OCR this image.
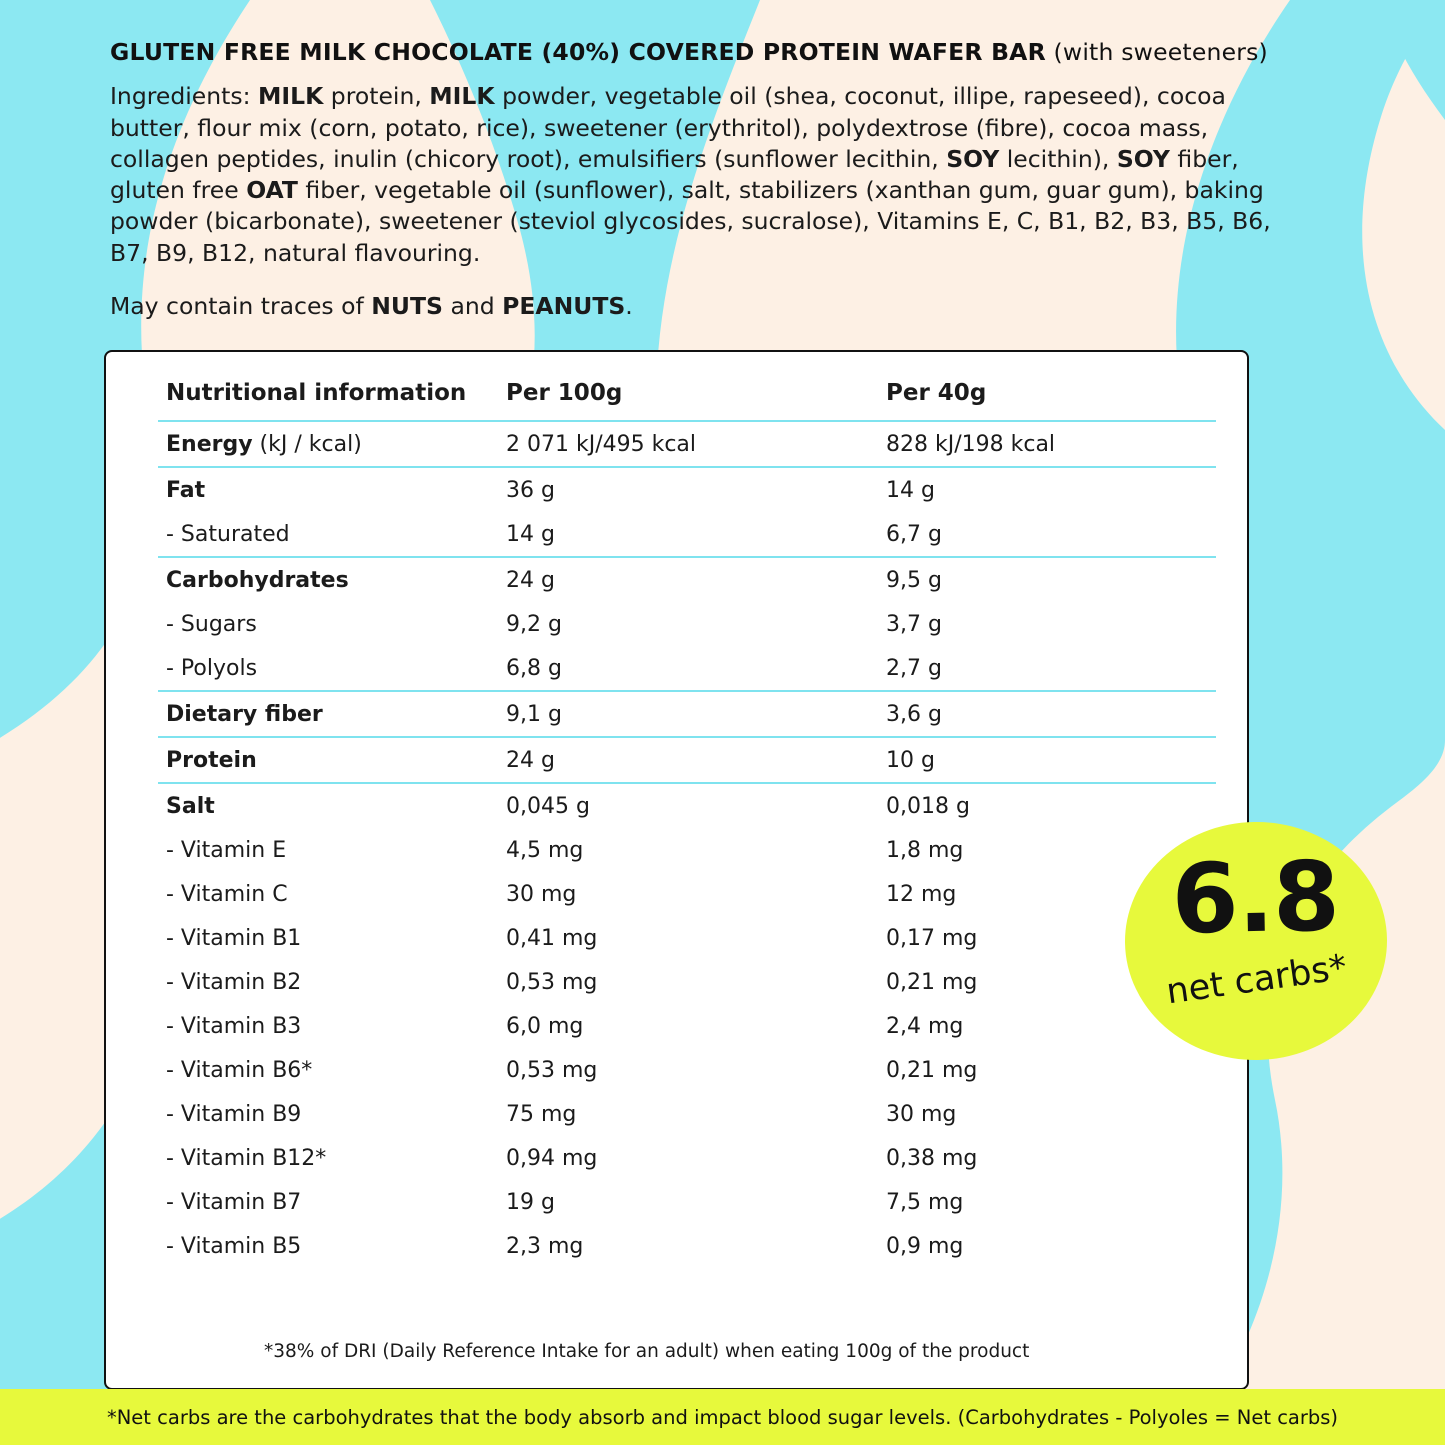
GLUTEN FREE MILK CHOCOLATE (40%) COVERED PROTEIN WAFER BAR (with sweeteners)

Ingredients: MILK protein, MILK powder, vegetable oil (shea, coconut, illipe, rapeseed), cocoa butter, flour mix (corn, potato, rice), sweetener (erythritol), polydextrose (fibre), cocoa mass, collagen peptides, inulin (chicory root), emulsifiers (sunflower lecithin, SOY lecithin), SOY fiber, gluten free OAT fiber, vegetable oil (sunflower), salt, stabilizers (xanthan gum, guar gum), baking powder (bicarbonate), sweetener (steviol glycosides, sucralose), Vitamins E, C, B1, B2, B3, B5, B6, B7, B9, B12, natural flavouring.

May contain traces of NUTS and PEANUTS.

Nutritional information	Per 100g	Per 40g
Energy (kJ / kcal)	2 071 kJ/495 kcal	828 kJ/198 kcal
Fat	36 g	14 g
- Saturated	14 g	6,7 g
Carbohydrates	24 g	9,5 g
- Sugars	9,2 g	3,7 g
- Polyols	6,8 g	2,7 g
Dietary fiber	9,1 g	3,6 g
Protein	24 g	10 g
Salt	0,045 g	0,018 g
- Vitamin E	4,5 mg	1,8 mg
- Vitamin C	30 mg	12 mg
- Vitamin B1	0,41 mg	0,17 mg
- Vitamin B2	0,53 mg	0,21 mg
- Vitamin B3	6,0 mg	2,4 mg
- Vitamin B6*	0,53 mg	0,21 mg
- Vitamin B9	75 mg	30 mg
- Vitamin B12*	0,94 mg	0,38 mg
- Vitamin B7	19 g	7,5 mg
- Vitamin B5	2,3 mg	0,9 mg
*38% of DRI (Daily Reference Intake for an adult) when eating 100g of the product
6.8
net carbs*
*Net carbs are the carbohydrates that the body absorb and impact blood sugar levels. (Carbohydrates - Polyoles = Net carbs)
